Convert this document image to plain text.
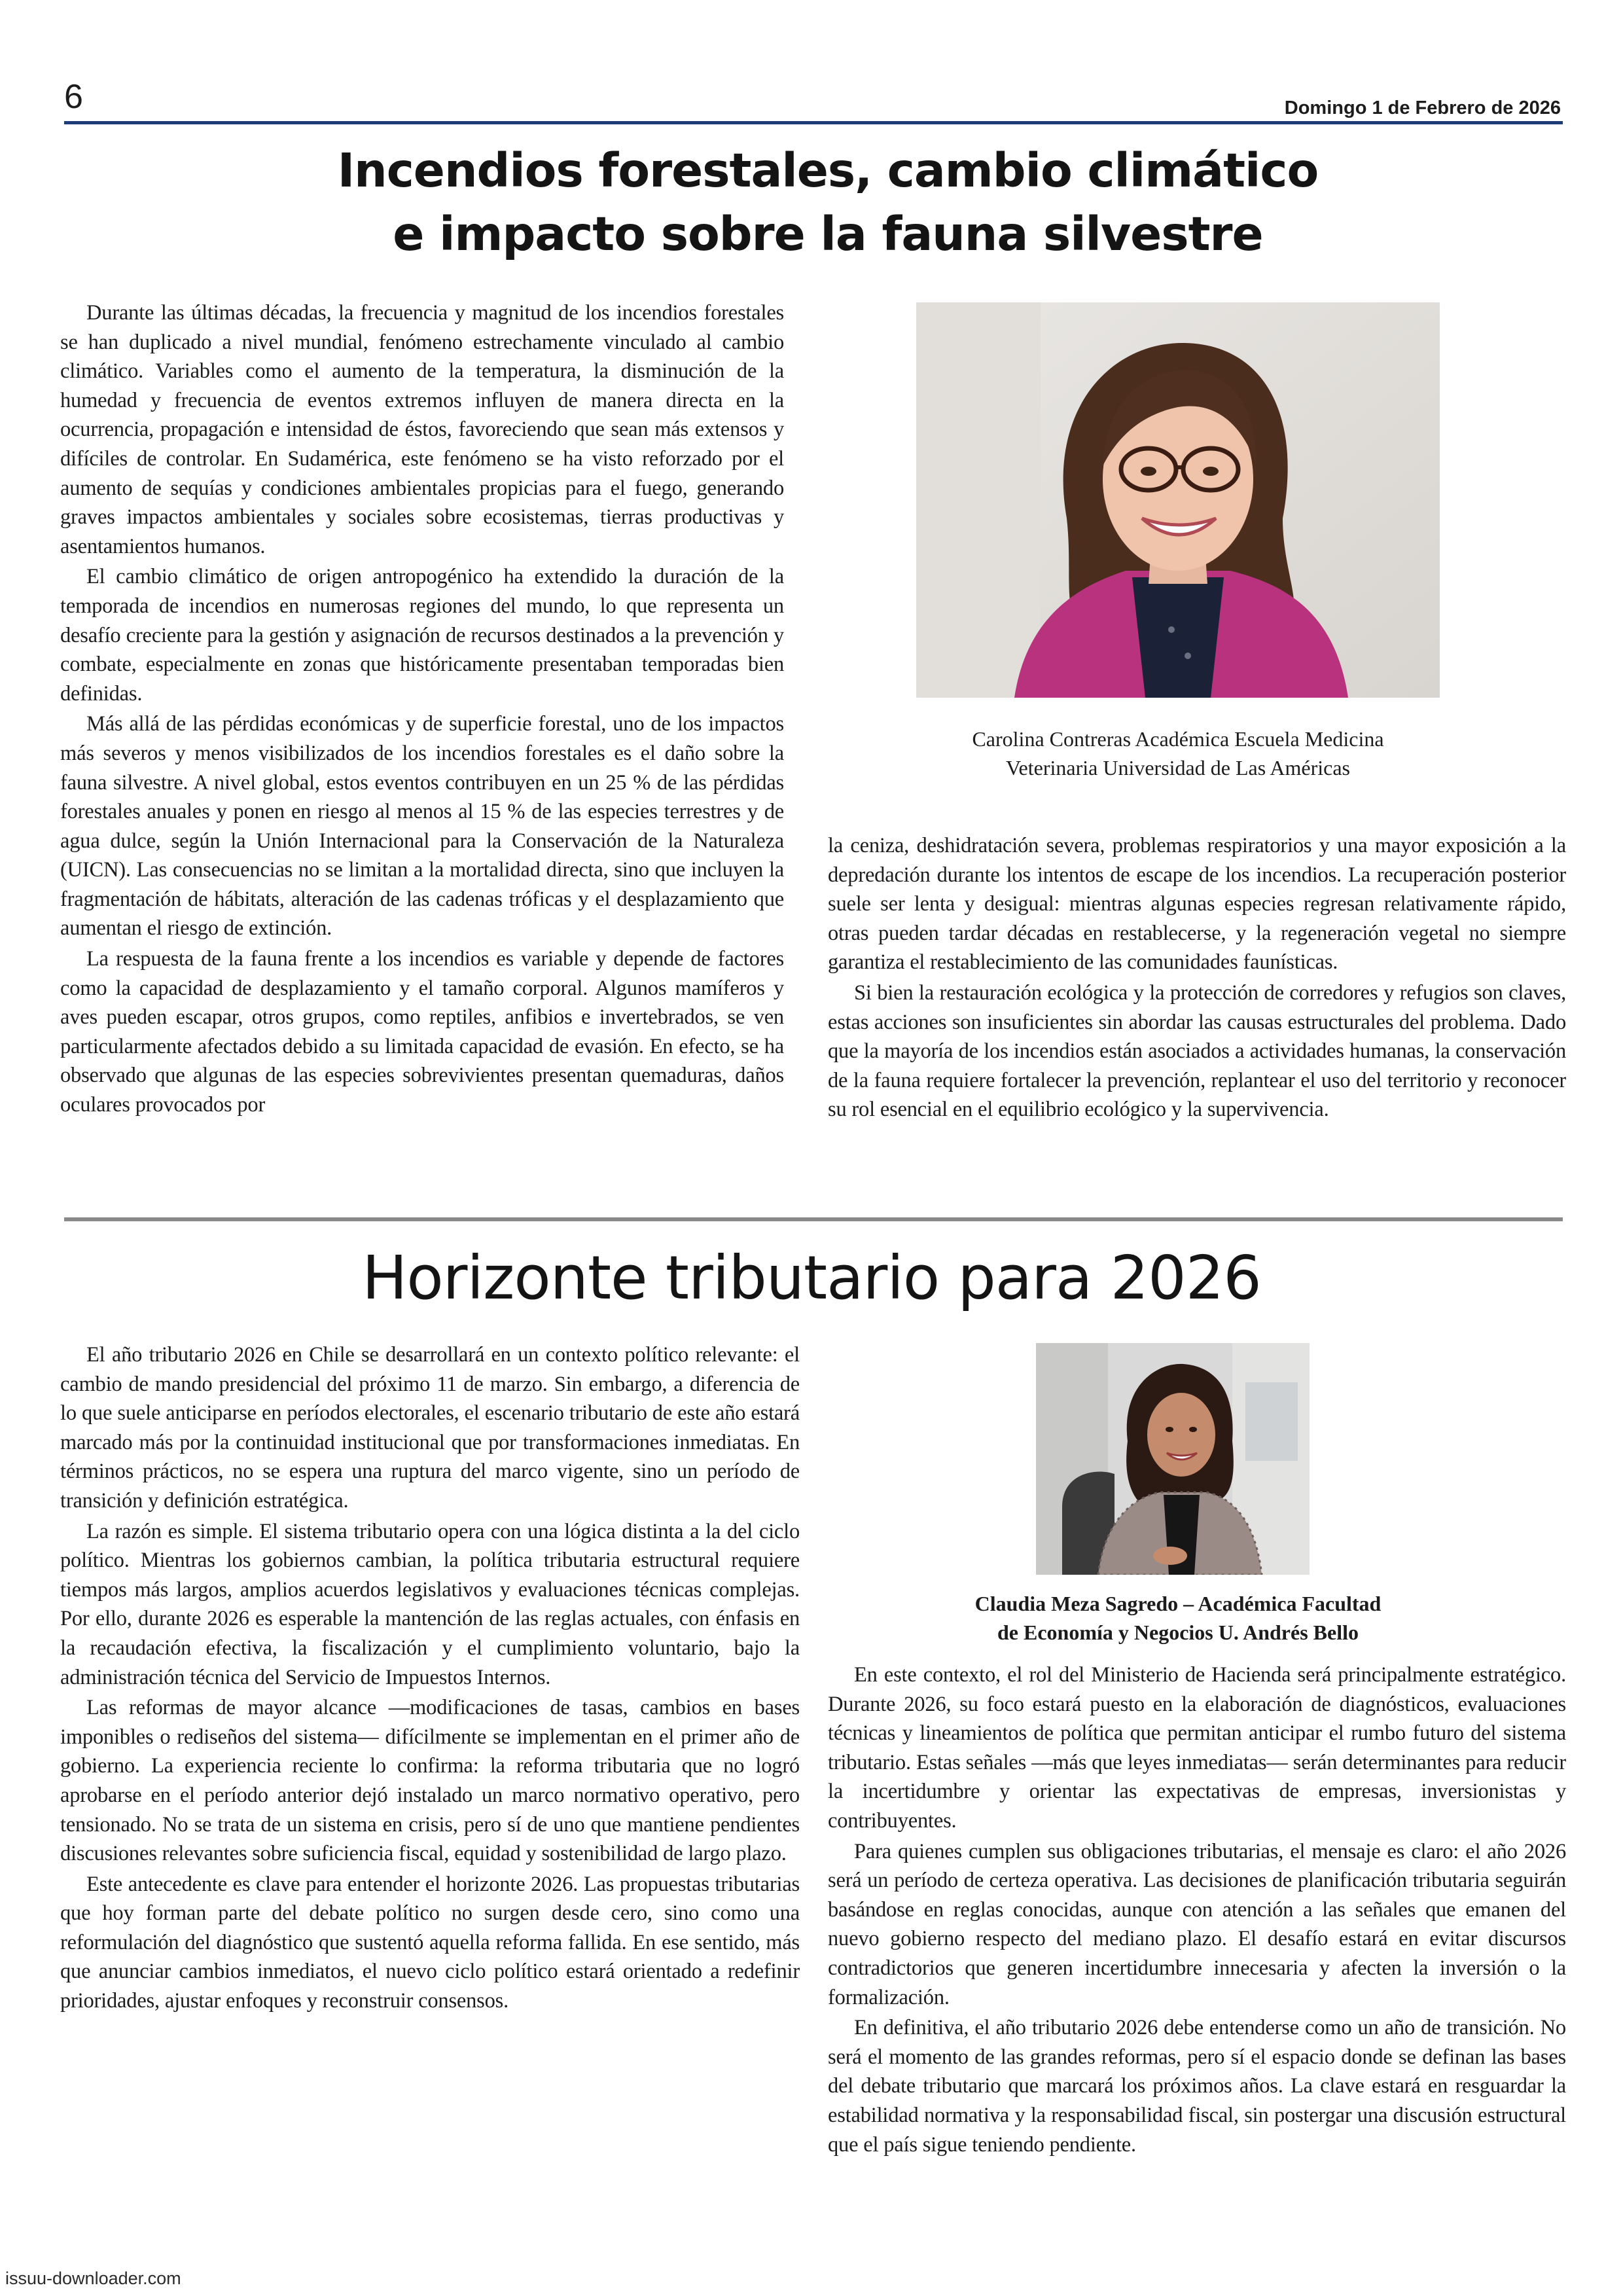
6	Domingo 1 de Febrero de 2026
Incendios forestales, cambio climático
e impacto sobre la fauna silvestre

Durante las últimas décadas, la frecuencia y magnitud de los incendios forestales se han duplicado a nivel mundial, fenómeno estrechamente vinculado al cambio climático. Variables como el aumento de la temperatura, la disminución de la humedad y frecuencia de eventos extremos influyen de manera directa en la ocurrencia, propagación e intensidad de éstos, favoreciendo que sean más extensos y difíciles de controlar. En Sudamérica, este fenómeno se ha visto reforzado por el aumento de sequías y condiciones ambientales propicias para el fuego, generando graves impactos ambientales y sociales sobre ecosistemas, tierras productivas y asentamientos humanos.

El cambio climático de origen antropogénico ha extendido la duración de la temporada de incendios en numerosas regiones del mundo, lo que representa un desafío creciente para la gestión y asignación de recursos destinados a la prevención y combate, especialmente en zonas que históricamente presentaban temporadas bien definidas.

Más allá de las pérdidas económicas y de superficie forestal, uno de los impactos más severos y menos visibilizados de los incendios forestales es el daño sobre la fauna silvestre. A nivel global, estos eventos contribuyen en un 25 % de las pérdidas forestales anuales y ponen en riesgo al menos al 15 % de las especies terrestres y de agua dulce, según la Unión Internacional para la Conservación de la Naturaleza (UICN). Las consecuencias no se limitan a la mortalidad directa, sino que incluyen la fragmentación de hábitats, alteración de las cadenas tróficas y el desplazamiento que aumentan el riesgo de extinción.

La respuesta de la fauna frente a los incendios es variable y depende de factores como la capacidad de desplazamiento y el tamaño corporal. Algunos mamíferos y aves pueden escapar, otros grupos, como reptiles, anfibios e invertebrados, se ven particularmente afectados debido a su limitada capacidad de evasión. En efecto, se ha observado que algunas de las especies sobrevivientes presentan quemaduras, daños oculares provocados por

Carolina Contreras Académica Escuela Medicina
Veterinaria Universidad de Las Américas

la ceniza, deshidratación severa, problemas respiratorios y una mayor exposición a la depredación durante los intentos de escape de los incendios. La recuperación posterior suele ser lenta y desigual: mientras algunas especies regresan relativamente rápido, otras pueden tardar décadas en restablecerse, y la regeneración vegetal no siempre garantiza el restablecimiento de las comunidades faunísticas.

Si bien la restauración ecológica y la protección de corredores y refugios son claves, estas acciones son insuficientes sin abordar las causas estructurales del problema. Dado que la mayoría de los incendios están asociados a actividades humanas, la conservación de la fauna requiere fortalecer la prevención, replantear el uso del territorio y reconocer su rol esencial en el equilibrio ecológico y la supervivencia.

Horizonte tributario para 2026

El año tributario 2026 en Chile se desarrollará en un contexto político relevante: el cambio de mando presidencial del próximo 11 de marzo. Sin embargo, a diferencia de lo que suele anticiparse en períodos electorales, el escenario tributario de este año estará marcado más por la continuidad institucional que por transformaciones inmediatas. En términos prácticos, no se espera una ruptura del marco vigente, sino un período de transición y definición estratégica.

La razón es simple. El sistema tributario opera con una lógica distinta a la del ciclo político. Mientras los gobiernos cambian, la política tributaria estructural requiere tiempos más largos, amplios acuerdos legislativos y evaluaciones técnicas complejas. Por ello, durante 2026 es esperable la mantención de las reglas actuales, con énfasis en la recaudación efectiva, la fiscalización y el cumplimiento voluntario, bajo la administración técnica del Servicio de Impuestos Internos.

Las reformas de mayor alcance —modificaciones de tasas, cambios en bases imponibles o rediseños del sistema— difícilmente se implementan en el primer año de gobierno. La experiencia reciente lo confirma: la reforma tributaria que no logró aprobarse en el período anterior dejó instalado un marco normativo operativo, pero tensionado. No se trata de un sistema en crisis, pero sí de uno que mantiene pendientes discusiones relevantes sobre suficiencia fiscal, equidad y sostenibilidad de largo plazo.

Este antecedente es clave para entender el horizonte 2026. Las propuestas tributarias que hoy forman parte del debate político no surgen desde cero, sino como una reformulación del diagnóstico que sustentó aquella reforma fallida. En ese sentido, más que anunciar cambios inmediatos, el nuevo ciclo político estará orientado a redefinir prioridades, ajustar enfoques y reconstruir consensos.

Claudia Meza Sagredo – Académica Facultad
de Economía y Negocios U. Andrés Bello

En este contexto, el rol del Ministerio de Hacienda será principalmente estratégico. Durante 2026, su foco estará puesto en la elaboración de diagnósticos, evaluaciones técnicas y lineamientos de política que permitan anticipar el rumbo futuro del sistema tributario. Estas señales —más que leyes inmediatas— serán determinantes para reducir la incertidumbre y orientar las expectativas de empresas, inversionistas y contribuyentes.

Para quienes cumplen sus obligaciones tributarias, el mensaje es claro: el año 2026 será un período de certeza operativa. Las decisiones de planificación tributaria seguirán basándose en reglas conocidas, aunque con atención a las señales que emanen del nuevo gobierno respecto del mediano plazo. El desafío estará en evitar discursos contradictorios que generen incertidumbre innecesaria y afecten la inversión o la formalización.

En definitiva, el año tributario 2026 debe entenderse como un año de transición. No será el momento de las grandes reformas, pero sí el espacio donde se definan las bases del debate tributario que marcará los próximos años. La clave estará en resguardar la estabilidad normativa y la responsabilidad fiscal, sin postergar una discusión estructural que el país sigue teniendo pendiente.

issuu-downloader.com
